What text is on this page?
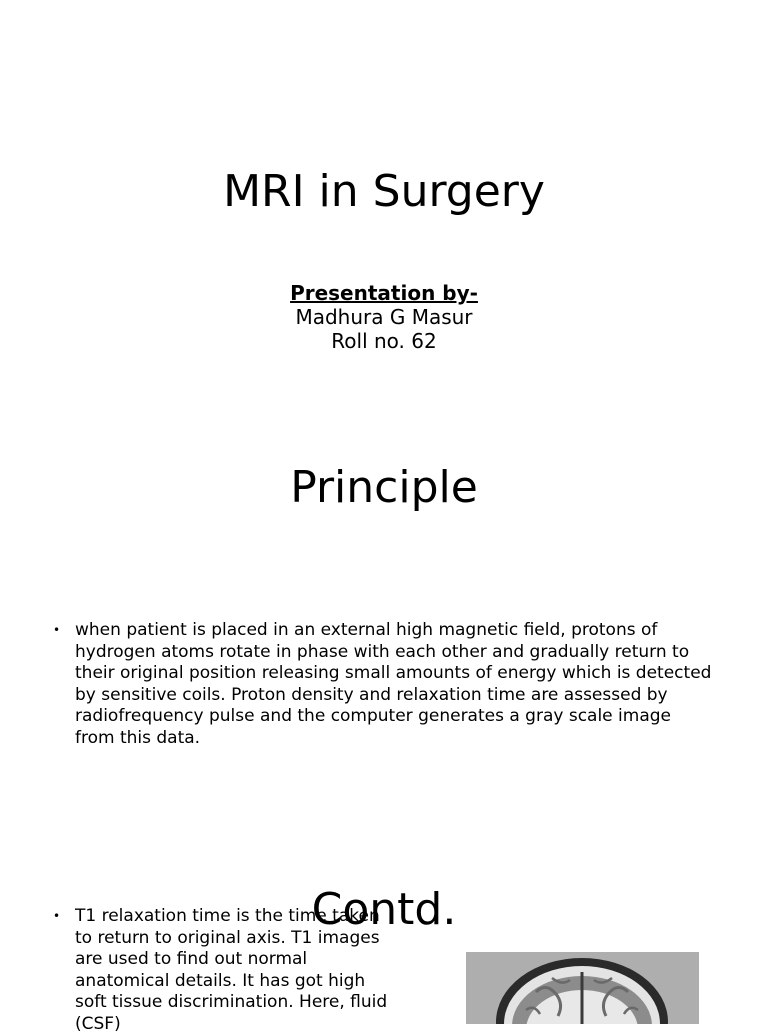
MRI in Surgery
Presentation by-
Madhura G Masur
Roll no. 62
Principle
• when patient is placed in an external high magnetic field, protons of hydrogen atoms rotate in phase with each other and gradually return to their original position releasing small amounts of energy which is detected by sensitive coils. Proton density and relaxation time are assessed by radiofrequency pulse and the computer generates a gray scale image from this data.
Contd.
• T1 relaxation time is the time taken to return to original axis. T1 images are used to find out normal anatomical details. It has got high soft tissue discrimination. Here, fluid (CSF)
